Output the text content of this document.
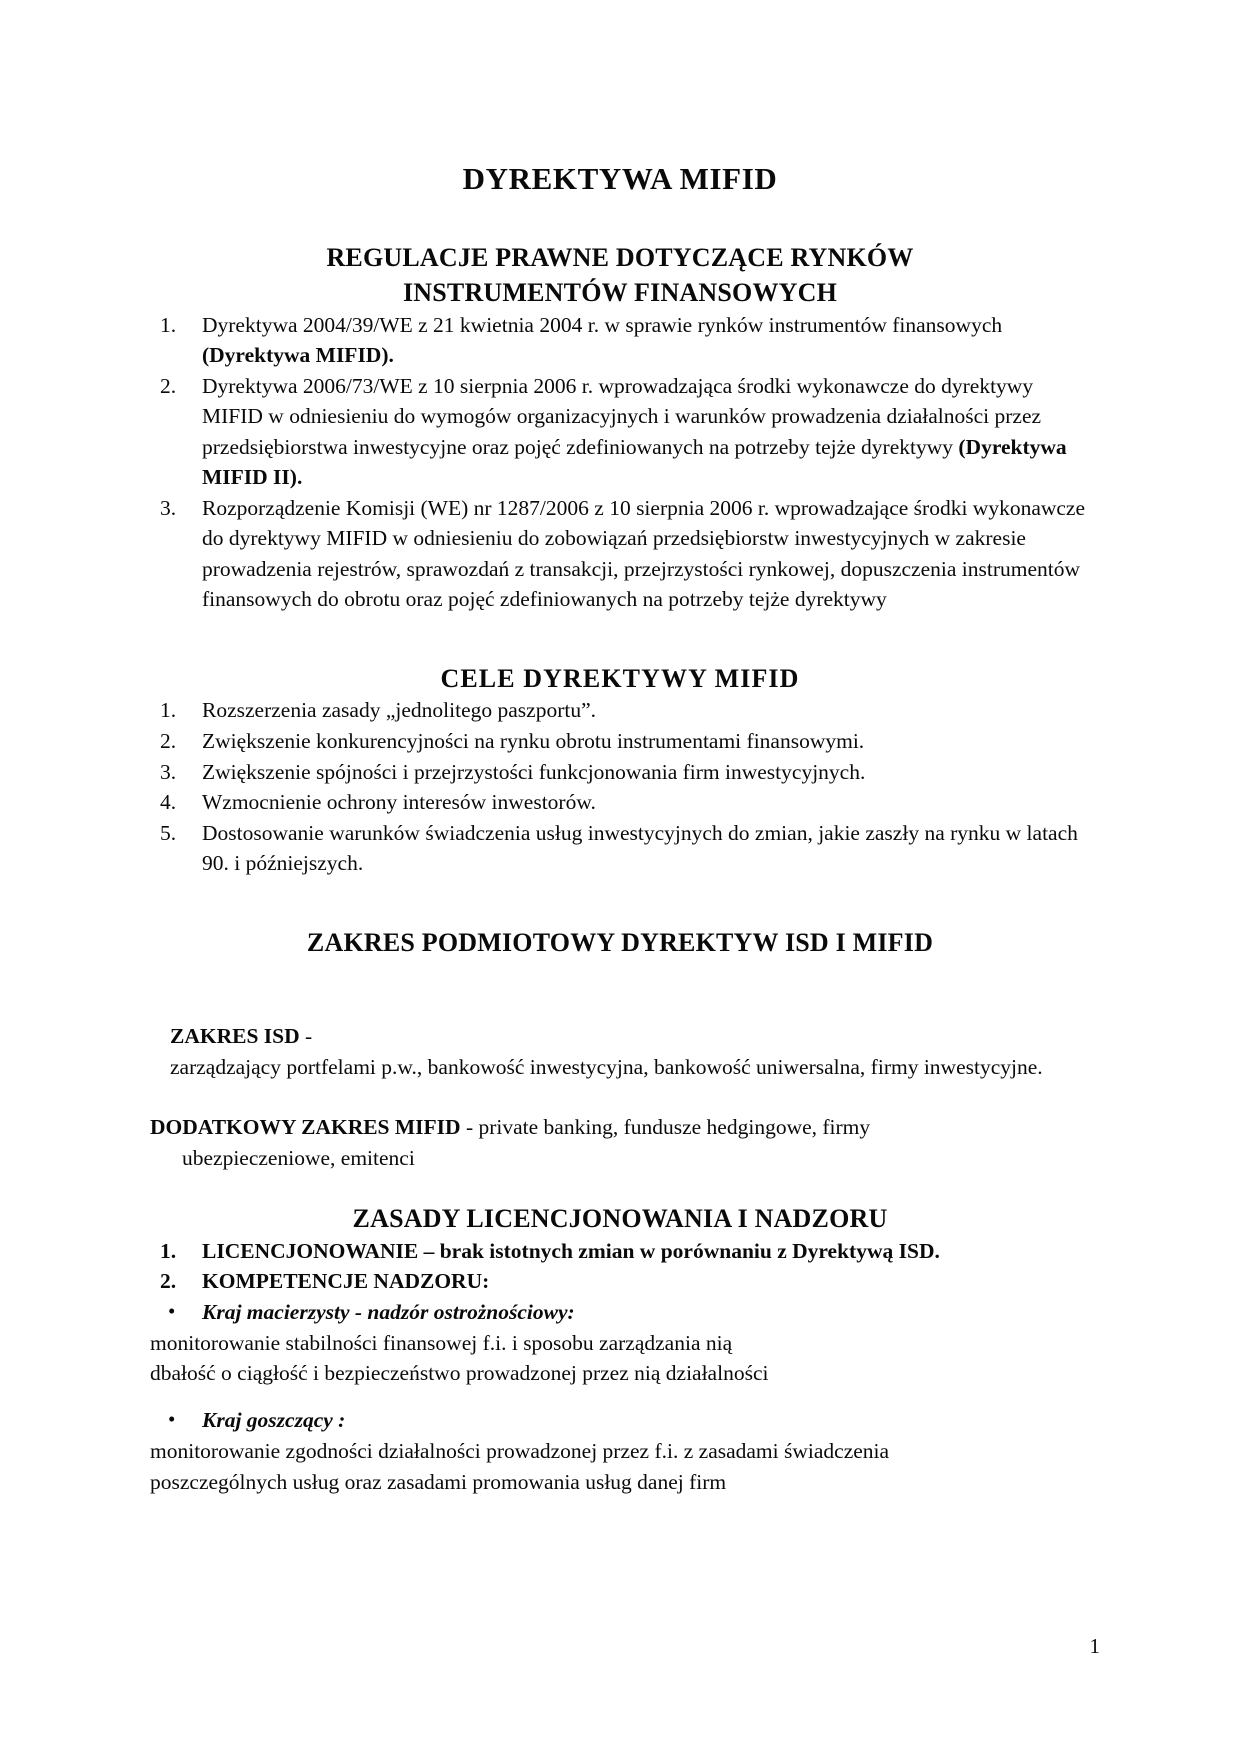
DYREKTYWA MIFID
REGULACJE PRAWNE DOTYCZĄCE RYNKÓW
INSTRUMENTÓW FINANSOWYCH
1.	Dyrektywa 2004/39/WE z 21 kwietnia 2004 r. w sprawie rynków instrumentów finansowych (Dyrektywa MIFID).
2.	Dyrektywa 2006/73/WE z 10 sierpnia 2006 r. wprowadzająca środki wykonawcze do dyrektywy MIFID w odniesieniu do wymogów organizacyjnych i warunków prowadzenia działalności przez przedsiębiorstwa inwestycyjne oraz pojęć zdefiniowanych na potrzeby tejże dyrektywy (Dyrektywa MIFID II).
3.	Rozporządzenie Komisji (WE) nr 1287/2006 z 10 sierpnia 2006 r. wprowadzające środki wykonawcze do dyrektywy MIFID w odniesieniu do zobowiązań przedsiębiorstw inwestycyjnych w zakresie prowadzenia rejestrów, sprawozdań z transakcji, przejrzystości rynkowej, dopuszczenia instrumentów finansowych do obrotu oraz pojęć zdefiniowanych na potrzeby tejże dyrektywy
CELE DYREKTYWY MIFID
1.	Rozszerzenia zasady „jednolitego paszportu”.
2.	Zwiększenie konkurencyjności na rynku obrotu instrumentami finansowymi.
3.	Zwiększenie spójności i przejrzystości funkcjonowania firm inwestycyjnych.
4.	Wzmocnienie ochrony interesów inwestorów.
5.	Dostosowanie warunków świadczenia usług inwestycyjnych do zmian, jakie zaszły na rynku w latach 90. i późniejszych.
ZAKRES PODMIOTOWY DYREKTYW ISD I MIFID
ZAKRES ISD -
zarządzający portfelami p.w., bankowość inwestycyjna, bankowość uniwersalna, firmy inwestycyjne.
DODATKOWY ZAKRES MIFID - private banking, fundusze hedgingowe, firmy
ubezpieczeniowe, emitenci
ZASADY LICENCJONOWANIA I NADZORU
1.	LICENCJONOWANIE – brak istotnych zmian w porównaniu z Dyrektywą ISD.
2.	KOMPETENCJE NADZORU:
• Kraj macierzysty - nadzór ostrożnościowy:
monitorowanie stabilności finansowej f.i. i sposobu zarządzania nią
dbałość o ciągłość i bezpieczeństwo prowadzonej przez nią działalności
• Kraj goszczący :
monitorowanie zgodności działalności prowadzonej przez f.i. z zasadami świadczenia
poszczególnych usług oraz zasadami promowania usług danej firm
1
